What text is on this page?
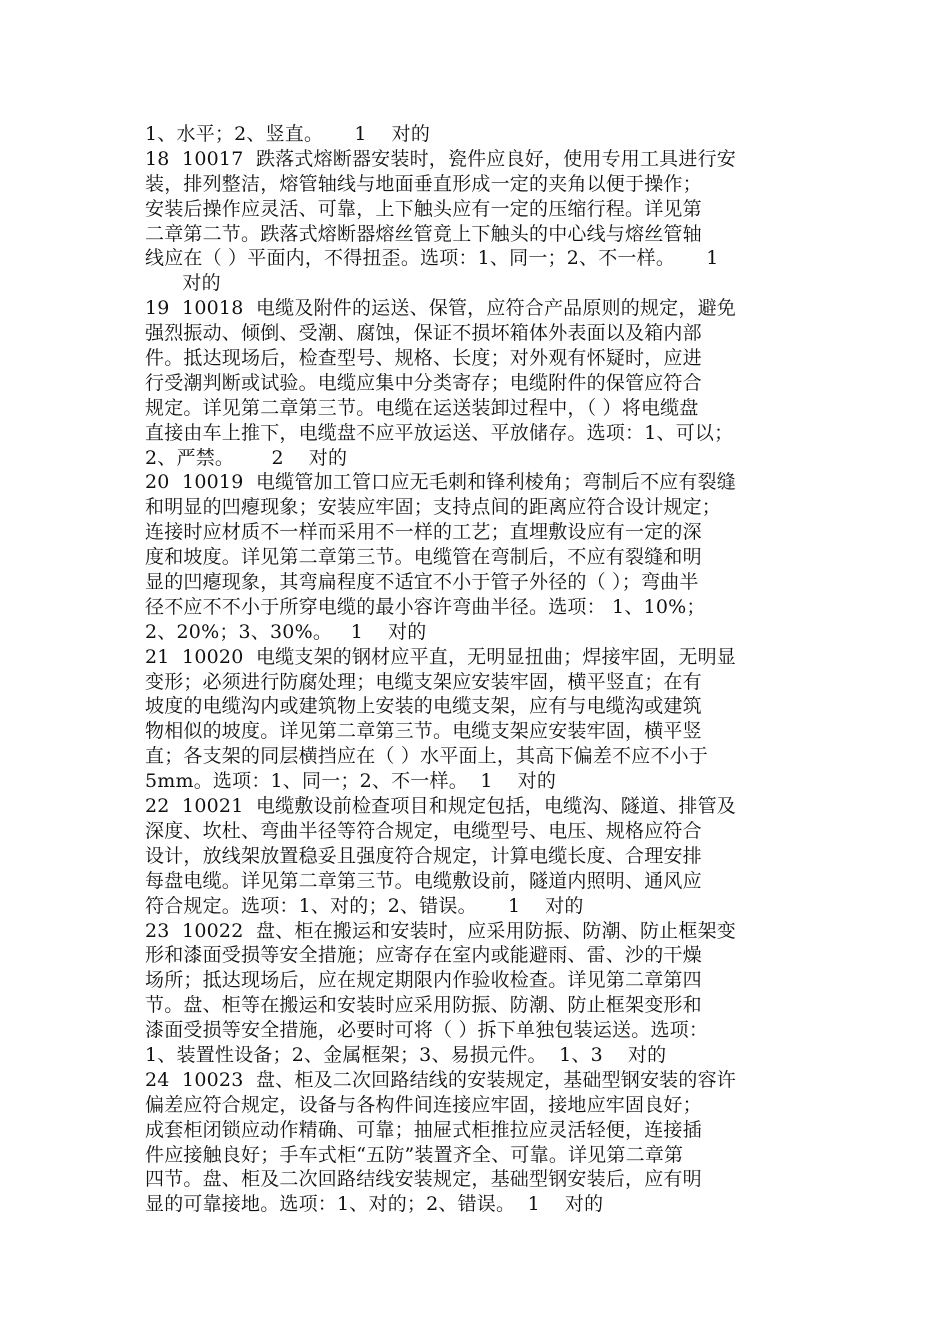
1、水平；2、竖直。     1    对的
18  10017  跌落式熔断器安装时，瓷件应良好，使用专用工具进行安
装，排列整洁，熔管轴线与地面垂直形成一定的夹角以便于操作；
安装后操作应灵活、可靠，上下触头应有一定的压缩行程。详见第
二章第二节。跌落式熔断器熔丝管竟上下触头的中心线与熔丝管轴
线应在（ ）平面内，不得扭歪。选项：1、同一；2、不一样。     1
对的
19  10018  电缆及附件的运送、保管，应符合产品原则的规定，避免
强烈振动、倾倒、受潮、腐蚀，保证不损坏箱体外表面以及箱内部
件。抵达现场后，检查型号、规格、长度；对外观有怀疑时，应进
行受潮判断或试验。电缆应集中分类寄存；电缆附件的保管应符合
规定。详见第二章第三节。电缆在运送装卸过程中，（ ）将电缆盘
直接由车上推下，电缆盘不应平放运送、平放储存。选项：1、可以；
2、严禁。      2    对的
20  10019  电缆管加工管口应无毛刺和锋利棱角；弯制后不应有裂缝
和明显的凹瘪现象；安装应牢固；支持点间的距离应符合设计规定；
连接时应材质不一样而采用不一样的工艺；直埋敷设应有一定的深
度和坡度。详见第二章第三节。电缆管在弯制后，不应有裂缝和明
显的凹瘪现象，其弯扁程度不适宜不小于管子外径的（ ）；弯曲半
径不应不不小于所穿电缆的最小容许弯曲半径。选项： 1、10%；
2、20%；3、30%。   1    对的
21  10020  电缆支架的钢材应平直，无明显扭曲；焊接牢固，无明显
变形；必须进行防腐处理；电缆支架应安装牢固，横平竖直；在有
坡度的电缆沟内或建筑物上安装的电缆支架，应有与电缆沟或建筑
物相似的坡度。详见第二章第三节。电缆支架应安装牢固，横平竖
直；各支架的同层横挡应在（ ）水平面上，其高下偏差不应不小于
5mm。选项：1、同一；2、不一样。  1    对的
22  10021  电缆敷设前检查项目和规定包括，电缆沟、隧道、排管及
深度、坎杜、弯曲半径等符合规定，电缆型号、电压、规格应符合
设计，放线架放置稳妥且强度符合规定，计算电缆长度、合理安排
每盘电缆。详见第二章第三节。电缆敷设前，隧道内照明、通风应
符合规定。选项：1、对的；2、错误。     1    对的
23  10022  盘、柜在搬运和安装时，应采用防振、防潮、防止框架变
形和漆面受损等安全措施；应寄存在室内或能避雨、雷、沙的干燥
场所；抵达现场后，应在规定期限内作验收检查。详见第二章第四
节。盘、柜等在搬运和安装时应采用防振、防潮、防止框架变形和
漆面受损等安全措施，必要时可将（ ）拆下单独包装运送。选项：
1、装置性设备；2、金属框架；3、易损元件。  1、3    对的
24  10023  盘、柜及二次回路结线的安装规定，基础型钢安装的容许
偏差应符合规定，设备与各构件间连接应牢固，接地应牢固良好；
成套柜闭锁应动作精确、可靠；抽屉式柜推拉应灵活轻便，连接插
件应接触良好；手车式柜“五防”装置齐全、可靠。详见第二章第
四节。盘、柜及二次回路结线安装规定，基础型钢安装后，应有明
显的可靠接地。选项：1、对的；2、错误。  1    对的
